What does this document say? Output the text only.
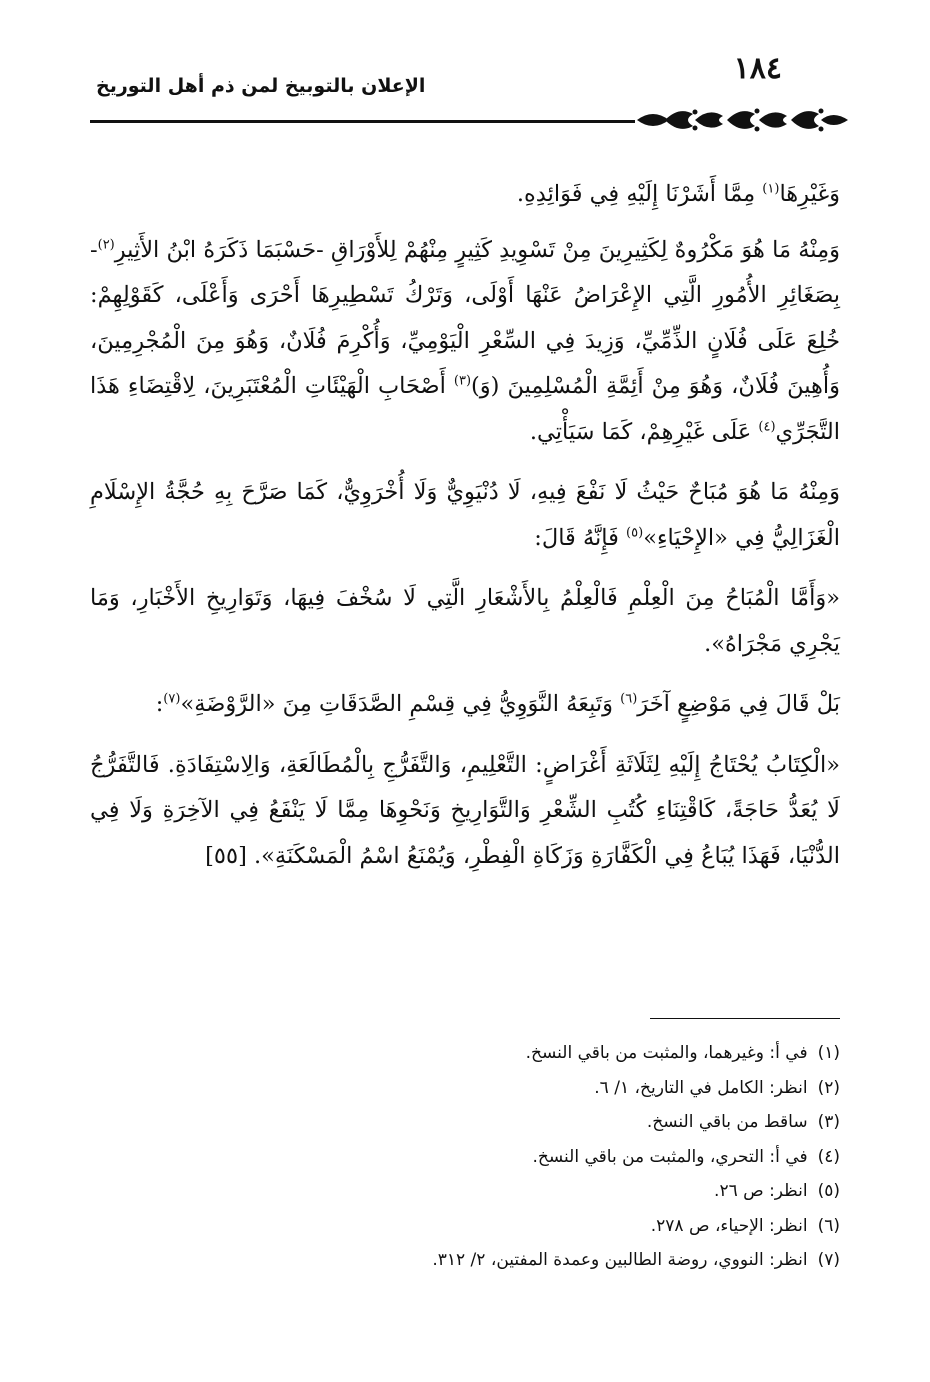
١٨٤
الإعلان بالتوبيخ لمن ذم أهل التوريخ

وَغَيْرِهَا$^{(١)}$ مِمَّا أَشَرْنَا إِلَيْهِ فِي فَوَائِدِهِ.

وَمِنْهُ مَا هُوَ مَكْرُوهٌ لِكَثِيرِينَ مِنْ تَسْوِيدِ كَثِيرٍ مِنْهُمْ لِلأَوْرَاقِ -حَسْبَمَا ذَكَرَهُ ابْنُ الأَثِيرِ$^{(٢)}$- بِصَغَائِرِ الأُمُورِ الَّتِي الإِعْرَاضُ عَنْهَا أَوْلَى، وَتَرْكُ تَسْطِيرِهَا أَحْرَى وَأَعْلَى، كَقَوْلِهِمْ: خُلِعَ عَلَى فُلَانٍ الذِّمِّيِّ، وَزِيدَ فِي السِّعْرِ الْيَوْمِيِّ، وَأُكْرِمَ فُلَانٌ، وَهُوَ مِنَ الْمُجْرِمِينَ، وَأُهِينَ فُلَانٌ، وَهُوَ مِنْ أَئِمَّةِ الْمُسْلِمِينَ (وَ)$^{(٣)}$ أَصْحَابِ الْهَيْئَاتِ الْمُعْتَبَرِينَ، لِاقْتِضَاءِ هَذَا التَّجَرِّي$^{(٤)}$ عَلَى غَيْرِهِمْ، كَمَا سَيَأْتِي.

وَمِنْهُ مَا هُوَ مُبَاحٌ حَيْثُ لَا نَفْعَ فِيهِ، لَا دُنْيَوِيٌّ وَلَا أُخْرَوِيٌّ، كَمَا صَرَّحَ بِهِ حُجَّةُ الإِسْلَامِ الْغَزَالِيُّ فِي «الإِحْيَاءِ»$^{(٥)}$ فَإِنَّهُ قَالَ:

«وَأَمَّا الْمُبَاحُ مِنَ الْعِلْمِ فَالْعِلْمُ بِالأَشْعَارِ الَّتِي لَا سُخْفَ فِيهَا، وَتَوَارِيخِ الأَخْبَارِ، وَمَا يَجْرِي مَجْرَاهُ».

بَلْ قَالَ فِي مَوْضِعٍ آخَرَ$^{(٦)}$ وَتَبِعَهُ النَّوَوِيُّ فِي قِسْمِ الصَّدَقَاتِ مِنَ «الرَّوْضَةِ»$^{(٧)}$:

«الْكِتَابُ يُحْتَاجُ إِلَيْهِ لِثَلَاثَةِ أَغْرَاضٍ: التَّعْلِيمِ، وَالتَّفَرُّجِ بِالْمُطَالَعَةِ، وَالِاسْتِفَادَةِ. فَالتَّفَرُّجُ لَا يُعَدُّ حَاجَةً، كَاقْتِنَاءِ كُتُبِ الشِّعْرِ وَالتَّوَارِيخِ وَنَحْوِهَا مِمَّا لَا يَنْفَعُ فِي الآخِرَةِ وَلَا فِي الدُّنْيَا، فَهَذَا يُبَاعُ فِي الْكَفَّارَةِ وَزَكَاةِ الْفِطْرِ، وَيُمْنَعُ اسْمُ الْمَسْكَنَةِ». [٥٥]

(١)
في أ: وغيرهما، والمثبت من باقي النسخ.
(٢)
انظر: الكامل في التاريخ، ١/ ٦.
(٣)
ساقط من باقي النسخ.
(٤)
في أ: التحري، والمثبت من باقي النسخ.
(٥)
انظر: ص ٢٦.
(٦)
انظر: الإحياء، ص ٢٧٨.
(٧)
انظر: النووي، روضة الطالبين وعمدة المفتين، ٢/ ٣١٢.
